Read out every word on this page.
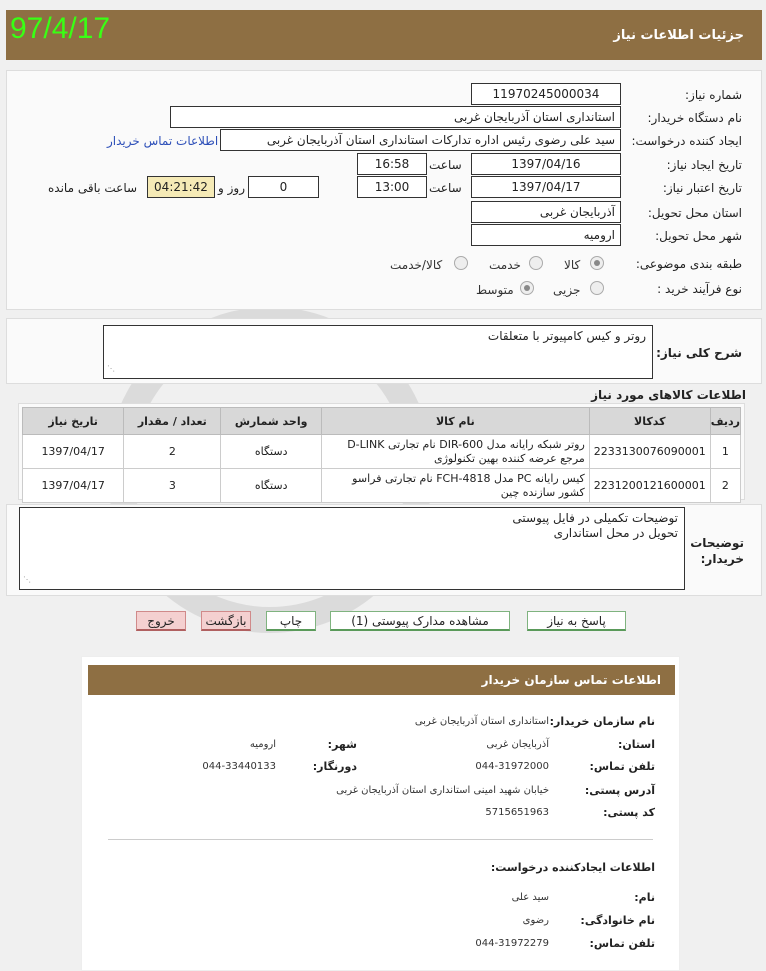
جزئیات اطلاعات نیاز
97/4/17
شماره نیاز:
11970245000034
نام دستگاه خریدار:
استانداری استان آذربایجان غربی
ایجاد کننده درخواست:
سید علی رضوی رئیس اداره تدارکات استانداری استان آذربایجان غربی
اطلاعات تماس خریدار
تاریخ ایجاد نیاز:
1397/04/16
ساعت
16:58
تاریخ اعتبار نیاز:
1397/04/17
ساعت
13:00
0
روز و
04:21:42
ساعت باقی مانده
استان محل تحویل:
آذربایجان غربی
شهر محل تحویل:
ارومیه
طبقه بندی موضوعی:
کالا
خدمت
کالا/خدمت
نوع فرآیند خرید :
جزیی
متوسط
شرح کلی نیاز:
روتر و کیس کامپیوتر با متعلقات
⋰
اطلاعات کالاهای مورد نیاز
ردیف	کدکالا	نام کالا	واحد شمارش	تعداد / مقدار	تاریخ نیاز
1	2233130076090001	روتر شبکه رایانه مدل DIR-600 نام تجارتی D-LINK مرجع عرضه کننده بهین تکنولوژی	دستگاه	2	1397/04/17
2	2231200121600001	کیس رایانه PC مدل FCH-4818 نام تجارتی فراسو کشور سازنده چین	دستگاه	3	1397/04/17
توضیحات خریدار:
توضیحات تکمیلی در فایل پیوستی
تحویل در محل استانداری
⋰
پاسخ به نیاز
مشاهده مدارک پیوستی (1)
چاپ
بازگشت
خروج
اطلاعات تماس سازمان خریدار
نام سازمان خریدار:
استانداری استان آذربایجان غربی
استان:
آذربایجان غربی
شهر:
ارومیه
تلفن تماس:
044-31972000
دورنگار:
044-33440133
آدرس پستی:
خیابان شهید امینی استانداری استان آذربایجان غربی
کد پستی:
5715651963
اطلاعات ایجادکننده درخواست:
نام:
سید علی
نام خانوادگی:
رضوی
تلفن تماس:
044-31972279
